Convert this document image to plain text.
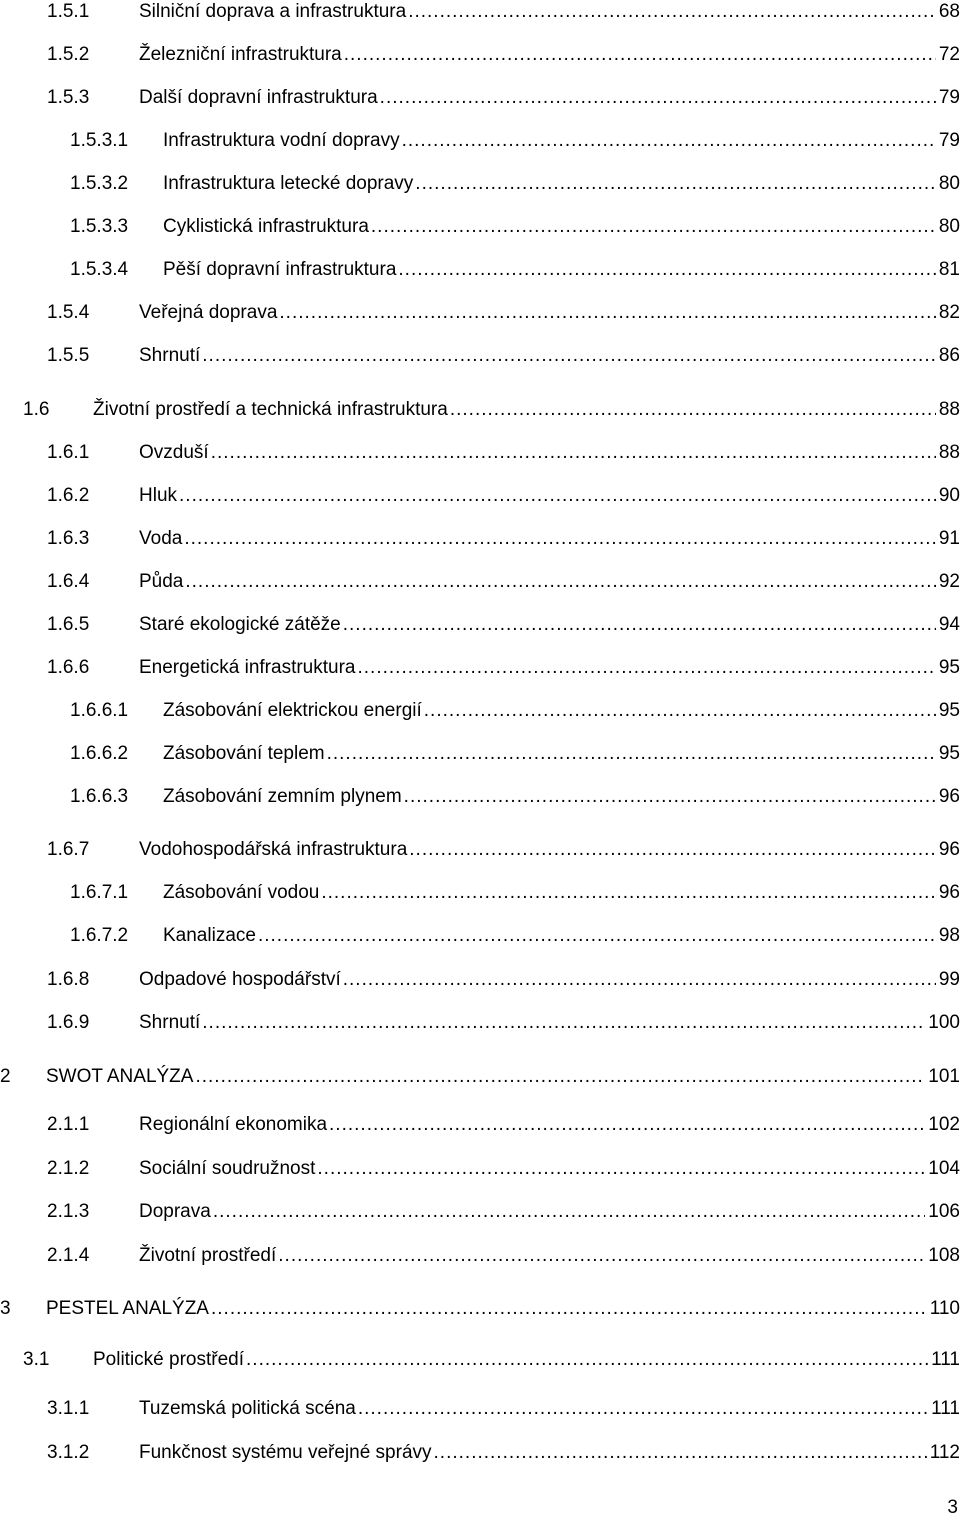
1.5.1	Silniční doprava a infrastruktura .....	68
1.5.2	Železniční infrastruktura .....	72
1.5.3	Další dopravní infrastruktura .....	79
1.5.3.1 Infrastruktura vodní dopravy .....	79
1.5.3.2 Infrastruktura letecké dopravy .....	80
1.5.3.3 Cyklistická infrastruktura .....	80
1.5.3.4 Pěší dopravní infrastruktura .....	81
1.5.4	Veřejná doprava .....	82
1.5.5	Shrnutí .....	86
1.6 Životní prostředí a technická infrastruktura .....	88
1.6.1	Ovzduší .....	88
1.6.2	Hluk .....	90
1.6.3	Voda .....	91
1.6.4	Půda .....	92
1.6.5	Staré ekologické zátěže .....	94
1.6.6	Energetická infrastruktura .....	95
1.6.6.1 Zásobování elektrickou energií .....	95
1.6.6.2 Zásobování teplem .....	95
1.6.6.3 Zásobování zemním plynem .....	96
1.6.7	Vodohospodářská infrastruktura .....	96
1.6.7.1 Zásobování vodou .....	96
1.6.7.2 Kanalizace .....	98
1.6.8	Odpadové hospodářství .....	99
1.6.9	Shrnutí .....	100
2 SWOT ANALÝZA .....	101
2.1.1	Regionální ekonomika .....	102
2.1.2	Sociální soudružnost .....	104
2.1.3	Doprava .....	106
2.1.4	Životní prostředí .....	108
3 PESTEL ANALÝZA .....	110
3.1 Politické prostředí .....	111
3.1.1	Tuzemská politická scéna .....	111
3.1.2	Funkčnost systému veřejné správy .....	112
3
